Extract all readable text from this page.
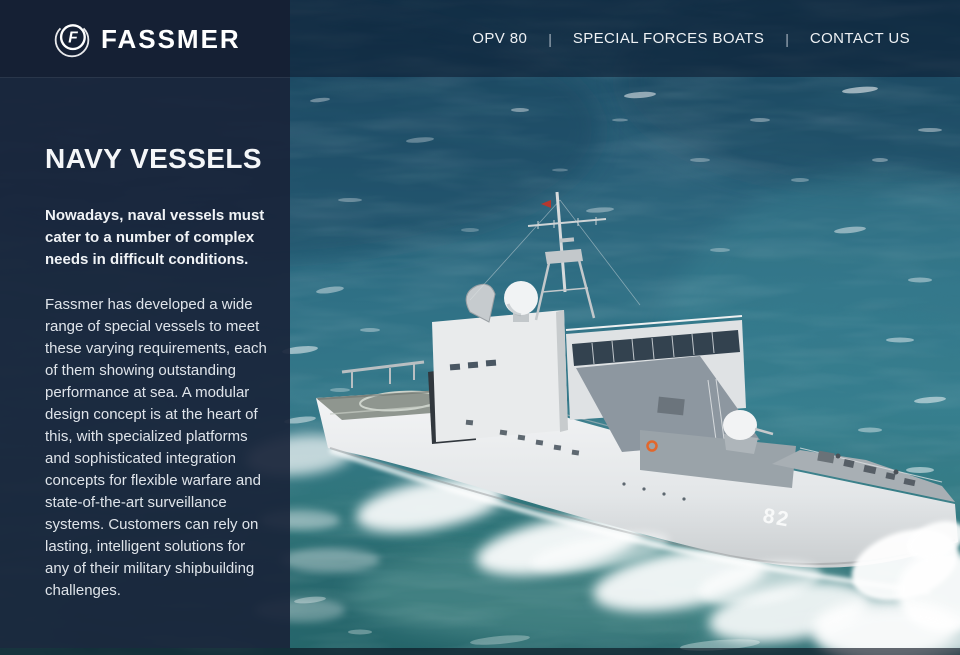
82
OPV 80 | SPECIAL FORCES BOATS | CONTACT US
F FASSMER
NAVY VESSELS

Nowadays, naval vessels must cater to a number of complex needs in difficult conditions.

Fassmer has developed a wide range of special vessels to meet these varying requirements, each of them showing outstanding performance at sea. A modular design concept is at the heart of this, with specialized platforms and sophisticated integration concepts for flexible warfare and state-of-the-art surveillance systems. Customers can rely on lasting, intelligent solutions for any of their military shipbuilding challenges.
